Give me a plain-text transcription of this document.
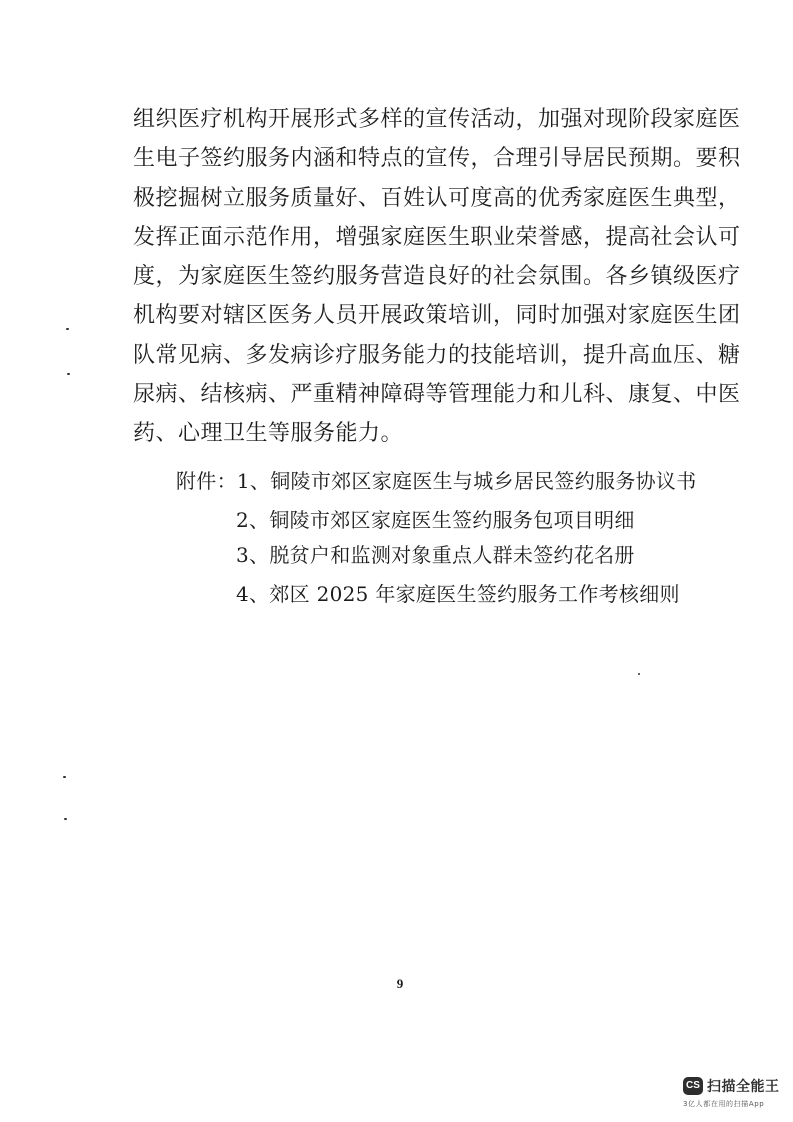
组织医疗机构开展形式多样的宣传活动，加强对现阶段家庭医
生电子签约服务内涵和特点的宣传，合理引导居民预期。要积
极挖掘树立服务质量好、百姓认可度高的优秀家庭医生典型，
发挥正面示范作用，增强家庭医生职业荣誉感，提高社会认可
度，为家庭医生签约服务营造良好的社会氛围。各乡镇级医疗
机构要对辖区医务人员开展政策培训，同时加强对家庭医生团
队常见病、多发病诊疗服务能力的技能培训，提升高血压、糖
尿病、结核病、严重精神障碍等管理能力和儿科、康复、中医
药、心理卫生等服务能力。
附件：1、铜陵市郊区家庭医生与城乡居民签约服务协议书
2、铜陵市郊区家庭医生签约服务包项目明细
3、脱贫户和监测对象重点人群未签约花名册
4、郊区 2025 年家庭医生签约服务工作考核细则
9
CS 扫描全能王
3亿人都在用的扫描App
